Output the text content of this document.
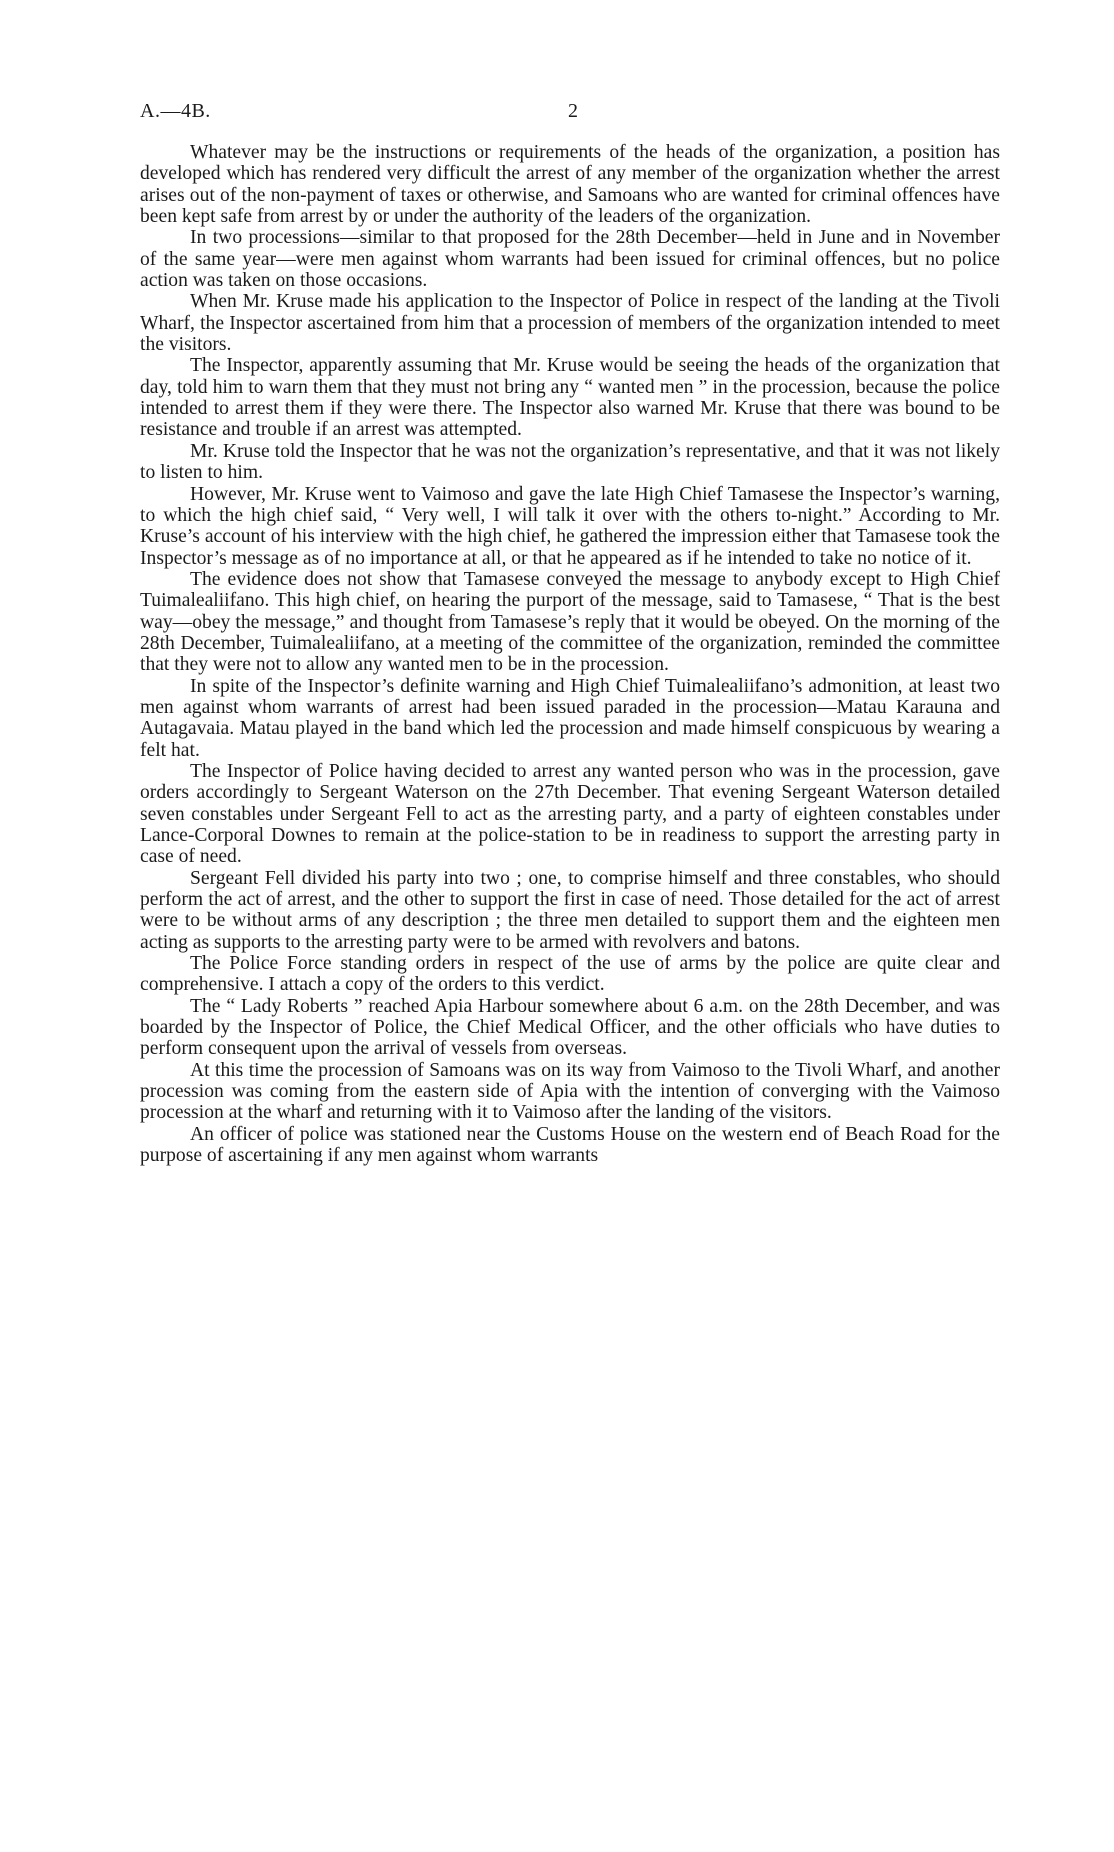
A.—4B.	2

Whatever may be the instructions or requirements of the heads of the organization, a position has developed which has rendered very difficult the arrest of any member of the organization whether the arrest arises out of the non-payment of taxes or otherwise, and Samoans who are wanted for criminal offences have been kept safe from arrest by or under the authority of the leaders of the organization.

In two processions—similar to that proposed for the 28th December—held in June and in November of the same year—were men against whom warrants had been issued for criminal offences, but no police action was taken on those occasions.

When Mr. Kruse made his application to the Inspector of Police in respect of the landing at the Tivoli Wharf, the Inspector ascertained from him that a procession of members of the organization intended to meet the visitors.

The Inspector, apparently assuming that Mr. Kruse would be seeing the heads of the organization that day, told him to warn them that they must not bring any “ wanted men ” in the procession, because the police intended to arrest them if they were there. The Inspector also warned Mr. Kruse that there was bound to be resistance and trouble if an arrest was attempted.

Mr. Kruse told the Inspector that he was not the organization’s representative, and that it was not likely to listen to him.

However, Mr. Kruse went to Vaimoso and gave the late High Chief Tamasese the Inspector’s warning, to which the high chief said, “ Very well, I will talk it over with the others to-night.” According to Mr. Kruse’s account of his interview with the high chief, he gathered the impression either that Tamasese took the Inspector’s message as of no importance at all, or that he appeared as if he intended to take no notice of it.

The evidence does not show that Tamasese conveyed the message to anybody except to High Chief Tuimalealiifano. This high chief, on hearing the purport of the message, said to Tamasese, “ That is the best way—obey the message,” and thought from Tamasese’s reply that it would be obeyed. On the morning of the 28th December, Tuimalealiifano, at a meeting of the committee of the organization, reminded the committee that they were not to allow any wanted men to be in the procession.

In spite of the Inspector’s definite warning and High Chief Tuimalealiifano’s admonition, at least two men against whom warrants of arrest had been issued paraded in the procession—Matau Karauna and Autagavaia. Matau played in the band which led the procession and made himself conspicuous by wearing a felt hat.

The Inspector of Police having decided to arrest any wanted person who was in the procession, gave orders accordingly to Sergeant Waterson on the 27th December. That evening Sergeant Waterson detailed seven constables under Sergeant Fell to act as the arresting party, and a party of eighteen constables under Lance-Corporal Downes to remain at the police-station to be in readiness to support the arresting party in case of need.

Sergeant Fell divided his party into two ; one, to comprise himself and three constables, who should perform the act of arrest, and the other to support the first in case of need. Those detailed for the act of arrest were to be without arms of any description ; the three men detailed to support them and the eighteen men acting as supports to the arresting party were to be armed with revolvers and batons.

The Police Force standing orders in respect of the use of arms by the police are quite clear and comprehensive. I attach a copy of the orders to this verdict.

The “ Lady Roberts ” reached Apia Harbour somewhere about 6 a.m. on the 28th December, and was boarded by the Inspector of Police, the Chief Medical Officer, and the other officials who have duties to perform consequent upon the arrival of vessels from overseas.

At this time the procession of Samoans was on its way from Vaimoso to the Tivoli Wharf, and another procession was coming from the eastern side of Apia with the intention of converging with the Vaimoso procession at the wharf and returning with it to Vaimoso after the landing of the visitors.

An officer of police was stationed near the Customs House on the western end of Beach Road for the purpose of ascertaining if any men against whom warrants
